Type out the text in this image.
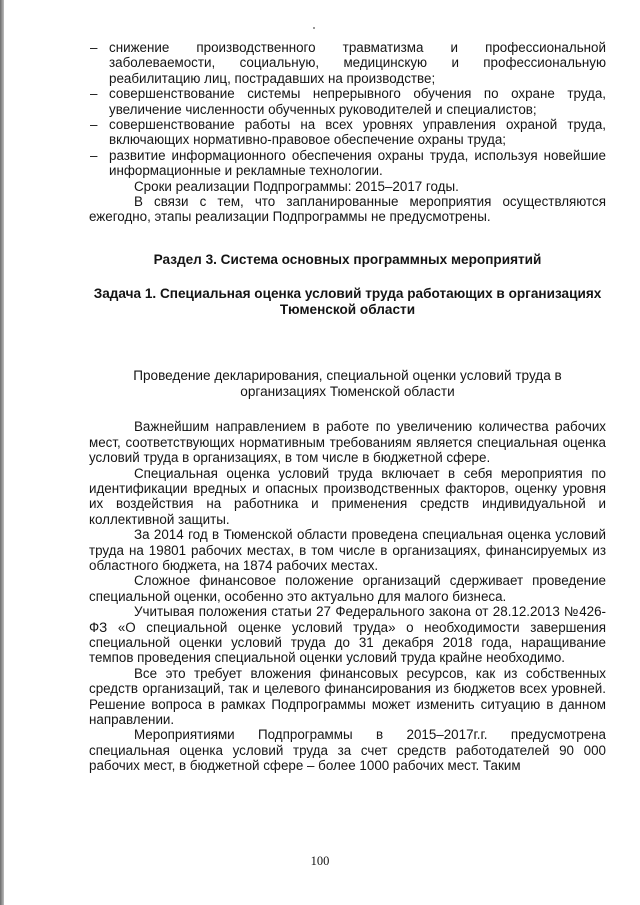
– снижение производственного травматизма и профессиональной заболеваемости, социальную, медицинскую и профессиональную реабилитацию лиц, пострадавших на производстве;
– совершенствование системы непрерывного обучения по охране труда, увеличение численности обученных руководителей и специалистов;
– совершенствование работы на всех уровнях управления охраной труда, включающих нормативно-правовое обеспечение охраны труда;
– развитие информационного обеспечения охраны труда, используя новейшие информационные и рекламные технологии.

Сроки реализации Подпрограммы: 2015–2017 годы.

В связи с тем, что запланированные мероприятия осуществляются ежегодно, этапы реализации Подпрограммы не предусмотрены.

Раздел 3. Система основных программных мероприятий
Задача 1. Специальная оценка условий труда работающих в организациях Тюменской области
Проведение декларирования, специальной оценки условий труда в организациях Тюменской области

Важнейшим направлением в работе по увеличению количества рабочих мест, соответствующих нормативным требованиям является специальная оценка условий труда в организациях, в том числе в бюджетной сфере.

Специальная оценка условий труда включает в себя мероприятия по идентификации вредных и опасных производственных факторов, оценку уровня их воздействия на работника и применения средств индивидуальной и коллективной защиты.

За 2014 год в Тюменской области проведена специальная оценка условий труда на 19801 рабочих местах, в том числе в организациях, финансируемых из областного бюджета, на 1874 рабочих местах.

Сложное финансовое положение организаций сдерживает проведение специальной оценки, особенно это актуально для малого бизнеса.

Учитывая положения статьи 27 Федерального закона от 28.12.2013 №426-ФЗ «О специальной оценке условий труда» о необходимости завершения специальной оценки условий труда до 31 декабря 2018 года, наращивание темпов проведения специальной оценки условий труда крайне необходимо.

Все это требует вложения финансовых ресурсов, как из собственных средств организаций, так и целевого финансирования из бюджетов всех уровней. Решение вопроса в рамках Подпрограммы может изменить ситуацию в данном направлении.

Мероприятиями Подпрограммы в 2015–2017г.г. предусмотрена специальная оценка условий труда за счет средств работодателей 90 000 рабочих мест, в бюджетной сфере – более 1000 рабочих мест. Таким

100
